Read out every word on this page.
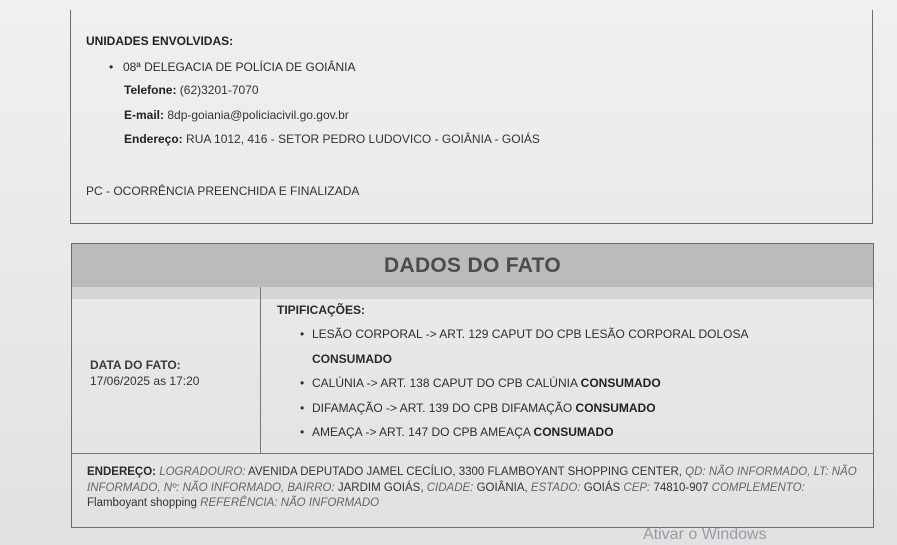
UNIDADES ENVOLVIDAS:
• 08ª DELEGACIA DE POLÍCIA DE GOIÂNIA
Telefone: (62)3201-7070
E-mail: 8dp-goiania@policiacivil.go.gov.br
Endereço: RUA 1012, 416 - SETOR PEDRO LUDOVICO - GOIÂNIA - GOIÁS
PC - OCORRÊNCIA PREENCHIDA E FINALIZADA
DADOS DO FATO
DATA DO FATO:
17/06/2025 as 17:20
TIPIFICAÇÕES:
• LESÃO CORPORAL -> ART. 129 CAPUT DO CPB LESÃO CORPORAL DOLOSA
CONSUMADO
• CALÚNIA -> ART. 138 CAPUT DO CPB CALÚNIA CONSUMADO
• DIFAMAÇÃO -> ART. 139 DO CPB DIFAMAÇÃO CONSUMADO
• AMEAÇA -> ART. 147 DO CPB AMEAÇA CONSUMADO
ENDEREÇO: LOGRADOURO: AVENIDA DEPUTADO JAMEL CECÍLIO, 3300 FLAMBOYANT SHOPPING CENTER, QD: NÃO INFORMADO, LT: NÃO INFORMADO, Nº: NÃO INFORMADO, BAIRRO: JARDIM GOIÁS, CIDADE: GOIÂNIA, ESTADO: GOIÁS CEP: 74810-907 COMPLEMENTO: Flamboyant shopping REFERÊNCIA: NÃO INFORMADO
Ativar o Windows
